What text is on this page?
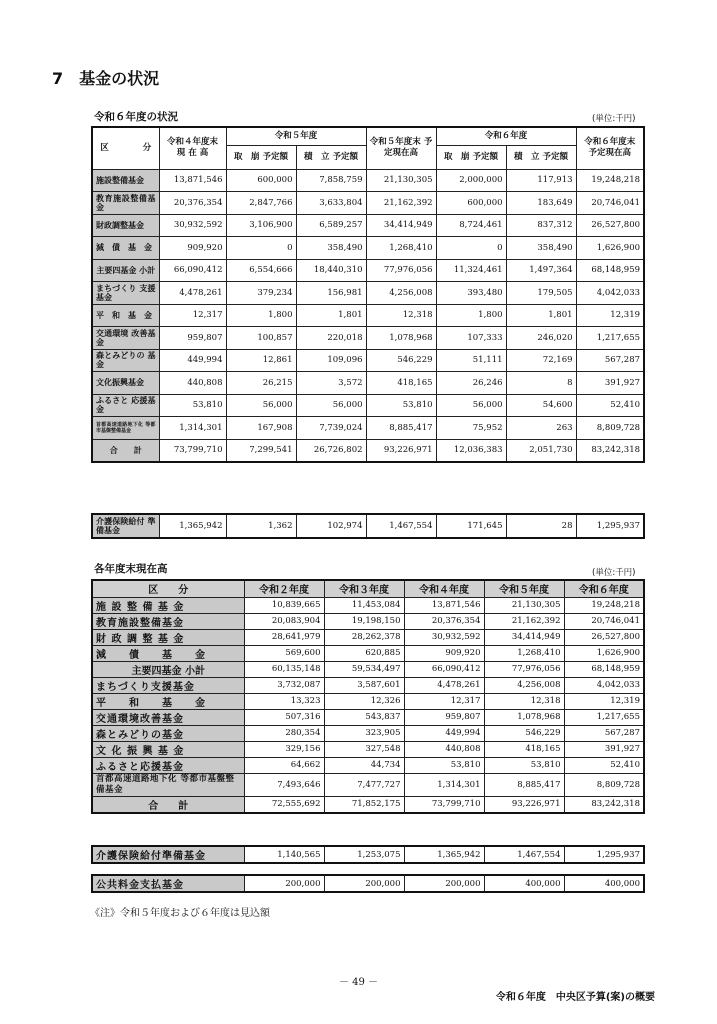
7　基金の状況
令和６年度の状況	(単位:千円)
区　　　　分	令和４年度末 現 在 高	令和５年度		令和５年度末 予定現在高	令和６年度		令和６年度末 予定現在高
		取　崩 予定額	積　立 予定額		取　崩 予定額	積　立 予定額	
施設整備基金	13,871,546	600,000	7,858,759	21,130,305	2,000,000	117,913	19,248,218
教育施設整備基金	20,376,354	2,847,766	3,633,804	21,162,392	600,000	183,649	20,746,041
財政調整基金	30,932,592	3,106,900	6,589,257	34,414,949	8,724,461	837,312	26,527,800
減　債　基　金	909,920	0	358,490	1,268,410	0	358,490	1,626,900
主要四基金 小計	66,090,412	6,554,666	18,440,310	77,976,056	11,324,461	1,497,364	68,148,959
まちづくり 支援基金	4,478,261	379,234	156,981	4,256,008	393,480	179,505	4,042,033
平　和　基　金	12,317	1,800	1,801	12,318	1,800	1,801	12,319
交通環境 改善基金	959,807	100,857	220,018	1,078,968	107,333	246,020	1,217,655
森とみどりの 基　　金	449,994	12,861	109,096	546,229	51,111	72,169	567,287
文化振興基金	440,808	26,215	3,572	418,165	26,246	8	391,927
ふるさと 応援基金	53,810	56,000	56,000	53,810	56,000	54,600	52,410
首都高速道路地下化 等都市基盤整備基金	1,314,301	167,908	7,739,024	8,885,417	75,952	263	8,809,728
合　　計	73,799,710	7,299,541	26,726,802	93,226,971	12,036,383	2,051,730	83,242,318
介護保険給付 準備基金	1,365,942	1,362	102,974	1,467,554	171,645	28	1,295,937
各年度末現在高	(単位:千円)
区　　分	令和２年度	令和３年度	令和４年度	令和５年度	令和６年度
施 設 整 備 基 金	10,839,665	11,453,084	13,871,546	21,130,305	19,248,218
教育施設整備基金	20,083,904	19,198,150	20,376,354	21,162,392	20,746,041
財 政 調 整 基 金	28,641,979	28,262,378	30,932,592	34,414,949	26,527,800
減　　債　　基　　金	569,600	620,885	909,920	1,268,410	1,626,900
主要四基金 小計	60,135,148	59,534,497	66,090,412	77,976,056	68,148,959
まちづくり支援基金	3,732,087	3,587,601	4,478,261	4,256,008	4,042,033
平　　和　　基　　金	13,323	12,326	12,317	12,318	12,319
交通環境改善基金	507,316	543,837	959,807	1,078,968	1,217,655
森とみどりの基金	280,354	323,905	449,994	546,229	567,287
文 化 振 興 基 金	329,156	327,548	440,808	418,165	391,927
ふるさと応援基金	64,662	44,734	53,810	53,810	52,410
首都高速道路地下化 等都市基盤整備基金	7,493,646	7,477,727	1,314,301	8,885,417	8,809,728
合　　計	72,555,692	71,852,175	73,799,710	93,226,971	83,242,318
介護保険給付準備基金	1,140,565	1,253,075	1,365,942	1,467,554	1,295,937
公共料金支払基金	200,000	200,000	200,000	400,000	400,000
《注》令和５年度および６年度は見込額
－ 49 －
令和６年度　中央区予算(案)の概要
